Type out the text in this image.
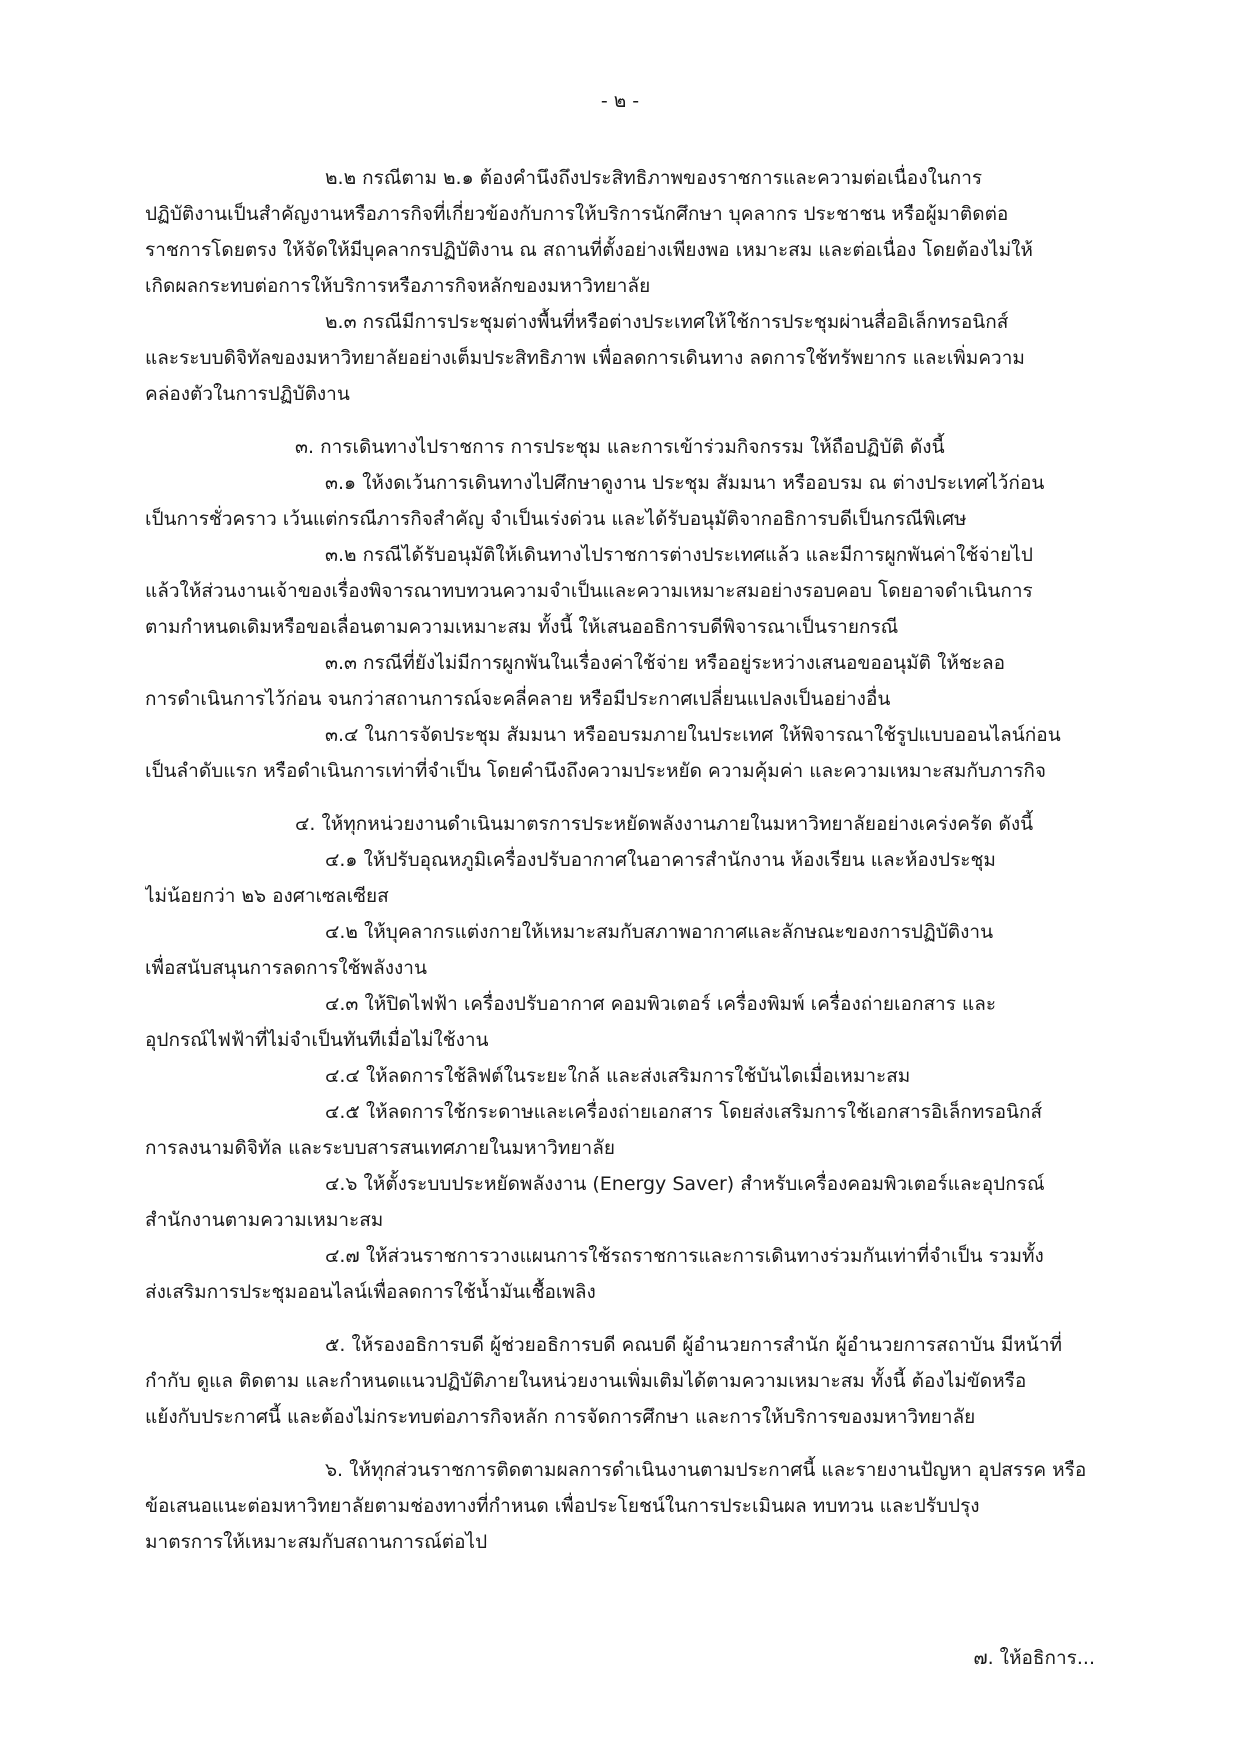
- ๒ -
๒.๒ กรณีตาม ๒.๑ ต้องคำนึงถึงประสิทธิภาพของราชการและความต่อเนื่องในการ
ปฏิบัติงานเป็นสำคัญงานหรือภารกิจที่เกี่ยวข้องกับการให้บริการนักศึกษา บุคลากร ประชาชน หรือผู้มาติดต่อ
ราชการโดยตรง ให้จัดให้มีบุคลากรปฏิบัติงาน ณ สถานที่ตั้งอย่างเพียงพอ เหมาะสม และต่อเนื่อง โดยต้องไม่ให้
เกิดผลกระทบต่อการให้บริการหรือภารกิจหลักของมหาวิทยาลัย
๒.๓ กรณีมีการประชุมต่างพื้นที่หรือต่างประเทศให้ใช้การประชุมผ่านสื่ออิเล็กทรอนิกส์
และระบบดิจิทัลของมหาวิทยาลัยอย่างเต็มประสิทธิภาพ เพื่อลดการเดินทาง ลดการใช้ทรัพยากร และเพิ่มความ
คล่องตัวในการปฏิบัติงาน
๓. การเดินทางไปราชการ การประชุม และการเข้าร่วมกิจกรรม ให้ถือปฏิบัติ ดังนี้
๓.๑ ให้งดเว้นการเดินทางไปศึกษาดูงาน ประชุม สัมมนา หรืออบรม ณ ต่างประเทศไว้ก่อน
เป็นการชั่วคราว เว้นแต่กรณีภารกิจสำคัญ จำเป็นเร่งด่วน และได้รับอนุมัติจากอธิการบดีเป็นกรณีพิเศษ
๓.๒ กรณีได้รับอนุมัติให้เดินทางไปราชการต่างประเทศแล้ว และมีการผูกพันค่าใช้จ่ายไป
แล้วให้ส่วนงานเจ้าของเรื่องพิจารณาทบทวนความจำเป็นและความเหมาะสมอย่างรอบคอบ โดยอาจดำเนินการ
ตามกำหนดเดิมหรือขอเลื่อนตามความเหมาะสม ทั้งนี้ ให้เสนออธิการบดีพิจารณาเป็นรายกรณี
๓.๓ กรณีที่ยังไม่มีการผูกพันในเรื่องค่าใช้จ่าย หรืออยู่ระหว่างเสนอขออนุมัติ ให้ชะลอ
การดำเนินการไว้ก่อน จนกว่าสถานการณ์จะคลี่คลาย หรือมีประกาศเปลี่ยนแปลงเป็นอย่างอื่น
๓.๔ ในการจัดประชุม สัมมนา หรืออบรมภายในประเทศ ให้พิจารณาใช้รูปแบบออนไลน์ก่อน
เป็นลำดับแรก หรือดำเนินการเท่าที่จำเป็น โดยคำนึงถึงความประหยัด ความคุ้มค่า และความเหมาะสมกับภารกิจ
๔. ให้ทุกหน่วยงานดำเนินมาตรการประหยัดพลังงานภายในมหาวิทยาลัยอย่างเคร่งครัด ดังนี้
๔.๑ ให้ปรับอุณหภูมิเครื่องปรับอากาศในอาคารสำนักงาน ห้องเรียน และห้องประชุม
ไม่น้อยกว่า ๒๖ องศาเซลเซียส
๔.๒ ให้บุคลากรแต่งกายให้เหมาะสมกับสภาพอากาศและลักษณะของการปฏิบัติงาน
เพื่อสนับสนุนการลดการใช้พลังงาน
๔.๓ ให้ปิดไฟฟ้า เครื่องปรับอากาศ คอมพิวเตอร์ เครื่องพิมพ์ เครื่องถ่ายเอกสาร และ
อุปกรณ์ไฟฟ้าที่ไม่จำเป็นทันทีเมื่อไม่ใช้งาน
๔.๔ ให้ลดการใช้ลิฟต์ในระยะใกล้ และส่งเสริมการใช้บันไดเมื่อเหมาะสม
๔.๕ ให้ลดการใช้กระดาษและเครื่องถ่ายเอกสาร โดยส่งเสริมการใช้เอกสารอิเล็กทรอนิกส์
การลงนามดิจิทัล และระบบสารสนเทศภายในมหาวิทยาลัย
๔.๖ ให้ตั้งระบบประหยัดพลังงาน (Energy Saver) สำหรับเครื่องคอมพิวเตอร์และอุปกรณ์
สำนักงานตามความเหมาะสม
๔.๗ ให้ส่วนราชการวางแผนการใช้รถราชการและการเดินทางร่วมกันเท่าที่จำเป็น รวมทั้ง
ส่งเสริมการประชุมออนไลน์เพื่อลดการใช้น้ำมันเชื้อเพลิง
๕. ให้รองอธิการบดี ผู้ช่วยอธิการบดี คณบดี ผู้อำนวยการสำนัก ผู้อำนวยการสถาบัน มีหน้าที่
กำกับ ดูแล ติดตาม และกำหนดแนวปฏิบัติภายในหน่วยงานเพิ่มเติมได้ตามความเหมาะสม ทั้งนี้ ต้องไม่ขัดหรือ
แย้งกับประกาศนี้ และต้องไม่กระทบต่อภารกิจหลัก การจัดการศึกษา และการให้บริการของมหาวิทยาลัย
๖. ให้ทุกส่วนราชการติดตามผลการดำเนินงานตามประกาศนี้ และรายงานปัญหา อุปสรรค หรือ
ข้อเสนอแนะต่อมหาวิทยาลัยตามช่องทางที่กำหนด เพื่อประโยชน์ในการประเมินผล ทบทวน และปรับปรุง
มาตรการให้เหมาะสมกับสถานการณ์ต่อไป
๗. ให้อธิการ...
